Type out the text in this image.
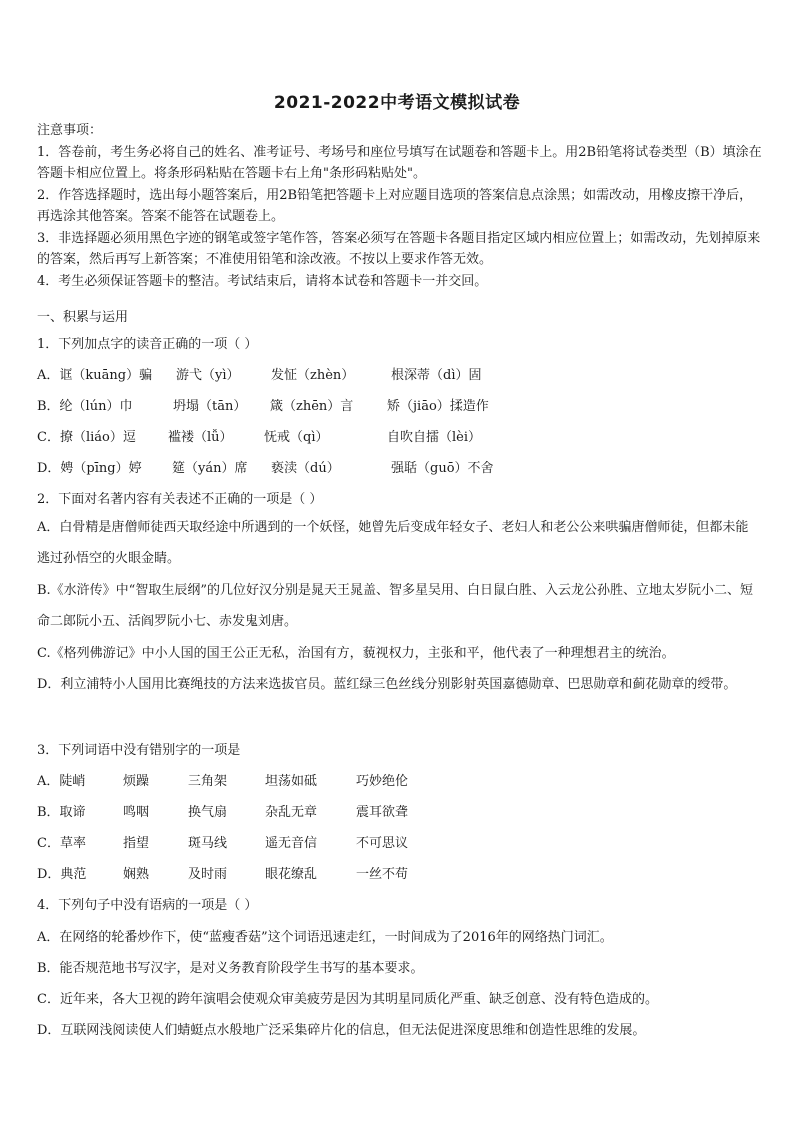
2021-2022中考语文模拟试卷
注意事项：
1．答卷前，考生务必将自己的姓名、准考证号、考场号和座位号填写在试题卷和答题卡上。用2B铅笔将试卷类型（B）填涂在答题卡相应位置上。将条形码粘贴在答题卡右上角"条形码粘贴处"。
2．作答选择题时，选出每小题答案后，用2B铅笔把答题卡上对应题目选项的答案信息点涂黑；如需改动，用橡皮擦干净后，再选涂其他答案。答案不能答在试题卷上。
3．非选择题必须用黑色字迹的钢笔或签字笔作答，答案必须写在答题卡各题目指定区域内相应位置上；如需改动，先划掉原来的答案，然后再写上新答案；不准使用铅笔和涂改液。不按以上要求作答无效。
4．考生必须保证答题卡的整洁。考试结束后，请将本试卷和答题卡一并交回。
一、积累与运用
1．下列加点字的读音正确的一项（ ）
A．诓（kuāng）骗 游弋（yì） 发怔（zhèn）	根深蒂（dì）固
B．纶（lún）巾	坍塌（tān） 箴（zhēn）言	矫（jiāo）揉造作
C．撩（liáo）逗 褴褛（lǚ） 怃戒（qì）	自吹自擂（lèi）
D．娉（pīng）婷 筵（yán）席 亵渎（dú）	强聒（guō）不舍
2．下面对名著内容有关表述不正确的一项是（ ）
A．白骨精是唐僧师徒西天取经途中所遇到的一个妖怪，她曾先后变成年轻女子、老妇人和老公公来哄骗唐僧师徒，但都未能逃过孙悟空的火眼金睛。
B.《水浒传》中“智取生辰纲”的几位好汉分别是晁天王晁盖、智多星吴用、白日鼠白胜、入云龙公孙胜、立地太岁阮小二、短命二郎阮小五、活阎罗阮小七、赤发鬼刘唐。
C.《格列佛游记》中小人国的国王公正无私，治国有方，藐视权力，主张和平，他代表了一种理想君主的统治。
D．利立浦特小人国用比赛绳技的方法来选拔官员。蓝红绿三色丝线分别影射英国嘉德勋章、巴思勋章和蓟花勋章的绶带。
3．下列词语中没有错别字的一项是
A．陡峭	烦躁	三角架	坦荡如砥	巧妙绝伦
B．取谛	鸣咽	换气扇	杂乱无章	震耳欲聋
C．草率	指望	斑马线	遥无音信	不可思议
D．典范	娴熟	及时雨	眼花缭乱	一丝不苟
4．下列句子中没有语病的一项是（ ）
A．在网络的轮番炒作下，使“蓝瘦香菇”这个词语迅速走红，一时间成为了2016年的网络热门词汇。
B．能否规范地书写汉字，是对义务教育阶段学生书写的基本要求。
C．近年来，各大卫视的跨年演唱会使观众审美疲劳是因为其明星同质化严重、缺乏创意、没有特色造成的。
D．互联网浅阅读使人们蜻蜓点水般地广泛采集碎片化的信息，但无法促进深度思维和创造性思维的发展。
